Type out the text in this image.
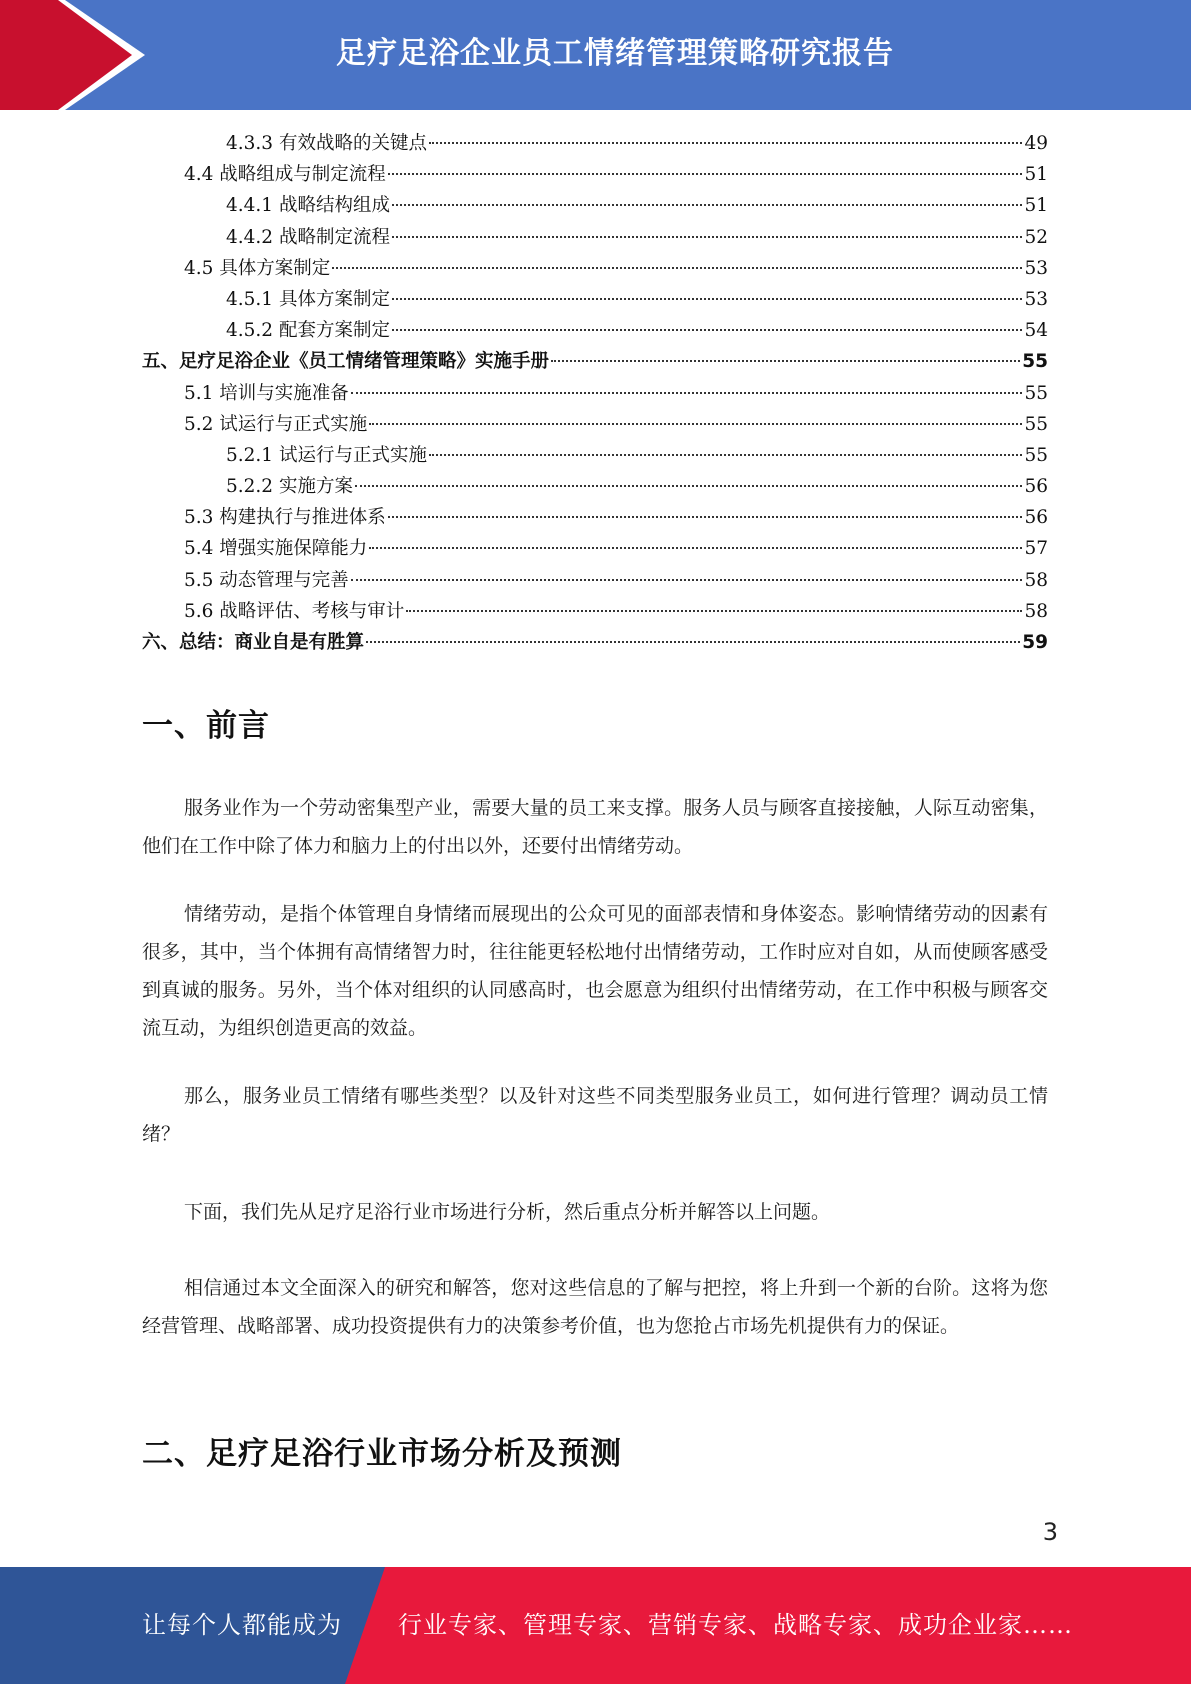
足疗足浴企业员工情绪管理策略研究报告
4.3.3 有效战略的关键点	49
4.4 战略组成与制定流程	51
4.4.1 战略结构组成	51
4.4.2 战略制定流程	52
4.5 具体方案制定	53
4.5.1 具体方案制定	53
4.5.2 配套方案制定	54
五、足疗足浴企业《员工情绪管理策略》实施手册	55
5.1 培训与实施准备	55
5.2 试运行与正式实施	55
5.2.1 试运行与正式实施	55
5.2.2 实施方案	56
5.3 构建执行与推进体系	56
5.4 增强实施保障能力	57
5.5 动态管理与完善	58
5.6 战略评估、考核与审计	58
六、总结：商业自是有胜算	59
一、前言
服务业作为一个劳动密集型产业，需要大量的员工来支撑。服务人员与顾客直接接触，人际互动密集，他们在工作中除了体力和脑力上的付出以外，还要付出情绪劳动。
情绪劳动，是指个体管理自身情绪而展现出的公众可见的面部表情和身体姿态。影响情绪劳动的因素有很多，其中，当个体拥有高情绪智力时，往往能更轻松地付出情绪劳动，工作时应对自如，从而使顾客感受到真诚的服务。另外，当个体对组织的认同感高时，也会愿意为组织付出情绪劳动，在工作中积极与顾客交流互动，为组织创造更高的效益。
那么，服务业员工情绪有哪些类型？以及针对这些不同类型服务业员工，如何进行管理？调动员工情绪？
下面，我们先从足疗足浴行业市场进行分析，然后重点分析并解答以上问题。
相信通过本文全面深入的研究和解答，您对这些信息的了解与把控，将上升到一个新的台阶。这将为您经营管理、战略部署、成功投资提供有力的决策参考价值，也为您抢占市场先机提供有力的保证。
二、足疗足浴行业市场分析及预测
3
让每个人都能成为 行业专家、管理专家、营销专家、战略专家、成功企业家……
